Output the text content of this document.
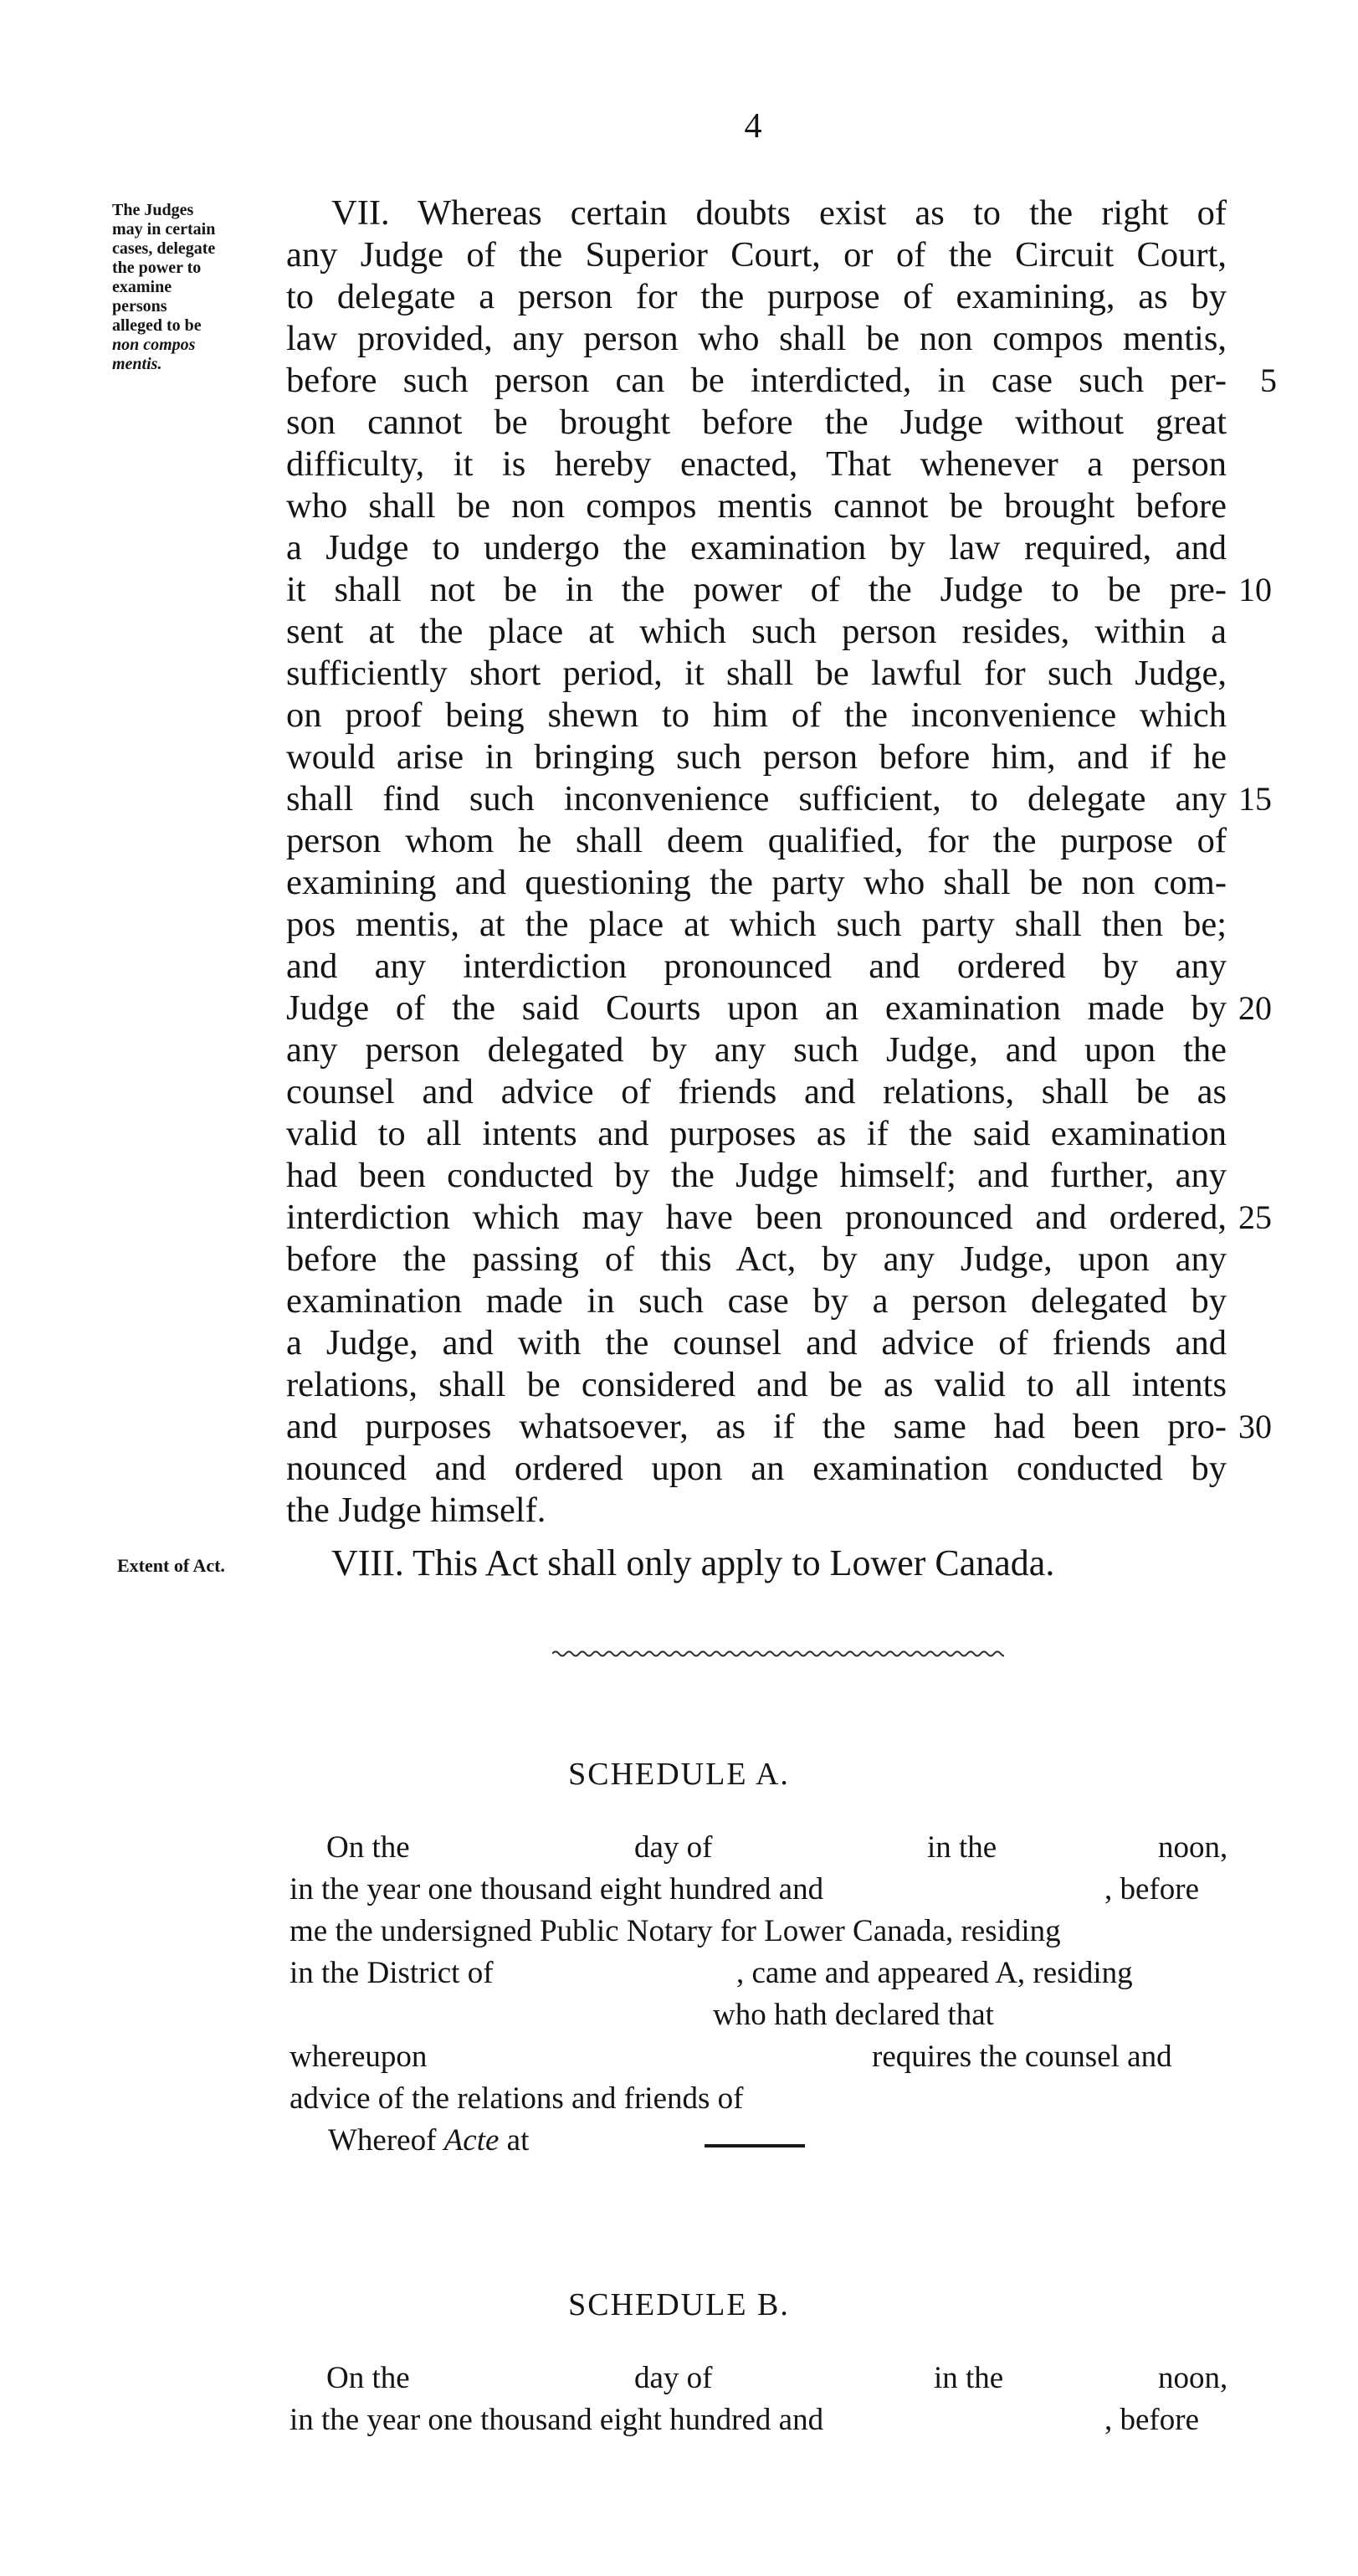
4
The Judges
may in certain
cases, delegate
the power to
examine
persons
alleged to be
non compos
mentis.
VII. Whereas certain doubts exist as to the right of
any Judge of the Superior Court, or of the Circuit Court,
to delegate a person for the purpose of examining, as by
law provided, any person who shall be non compos mentis,
before such person can be interdicted, in case such per-
son cannot be brought before the Judge without great
difficulty, it is hereby enacted, That whenever a person
who shall be non compos mentis cannot be brought before
a Judge to undergo the examination by law required, and
it shall not be in the power of the Judge to be pre-
sent at the place at which such person resides, within a
sufficiently short period, it shall be lawful for such Judge,
on proof being shewn to him of the inconvenience which
would arise in bringing such person before him, and if he
shall find such inconvenience sufficient, to delegate any
person whom he shall deem qualified, for the purpose of
examining and questioning the party who shall be non com-
pos mentis, at the place at which such party shall then be;
and any interdiction pronounced and ordered by any
Judge of the said Courts upon an examination made by
any person delegated by any such Judge, and upon the
counsel and advice of friends and relations, shall be as
valid to all intents and purposes as if the said examination
had been conducted by the Judge himself; and further, any
interdiction which may have been pronounced and ordered,
before the passing of this Act, by any Judge, upon any
examination made in such case by a person delegated by
a Judge, and with the counsel and advice of friends and
relations, shall be considered and be as valid to all intents
and purposes whatsoever, as if the same had been pro-
nounced and ordered upon an examination conducted by
the Judge himself.
5
10
15
20
25
30
Extent of Act.	VIII. This Act shall only apply to Lower Canada.
SCHEDULE A.
On the	day of	in the	noon,
in the year one thousand eight hundred and	, before
me the undersigned Public Notary for Lower Canada, residing
in the District of	, came and appeared A, residing
who hath declared that
whereupon	requires the counsel and
advice of the relations and friends of
Whereof Acte at
SCHEDULE B.
On the	day of	in the	noon,
in the year one thousand eight hundred and	, before
